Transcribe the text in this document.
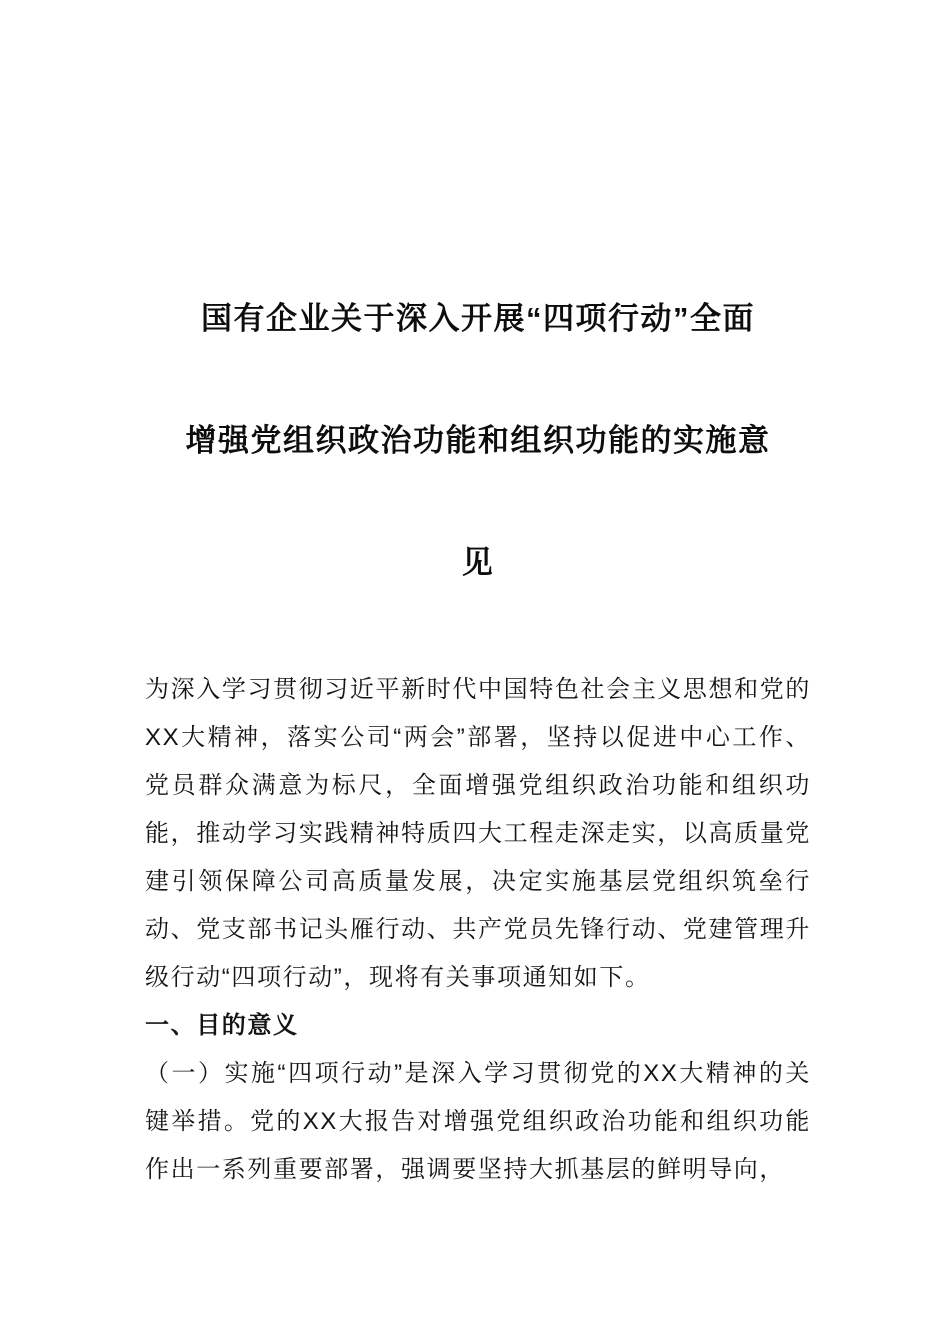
国有企业关于深入开展“四项行动”全面
增强党组织政治功能和组织功能的实施意
见

为深入学习贯彻习近平新时代中国特色社会主义思想和党的XX大精神，落实公司“两会”部署，坚持以促进中心工作、党员群众满意为标尺，全面增强党组织政治功能和组织功能，推动学习实践精神特质四大工程走深走实，以高质量党建引领保障公司高质量发展，决定实施基层党组织筑垒行动、党支部书记头雁行动、共产党员先锋行动、党建管理升级行动“四项行动”，现将有关事项通知如下。

一、目的意义

（一）实施“四项行动”是深入学习贯彻党的XX大精神的关键举措。党的XX大报告对增强党组织政治功能和组织功能作出一系列重要部署，强调要坚持大抓基层的鲜明导向，
